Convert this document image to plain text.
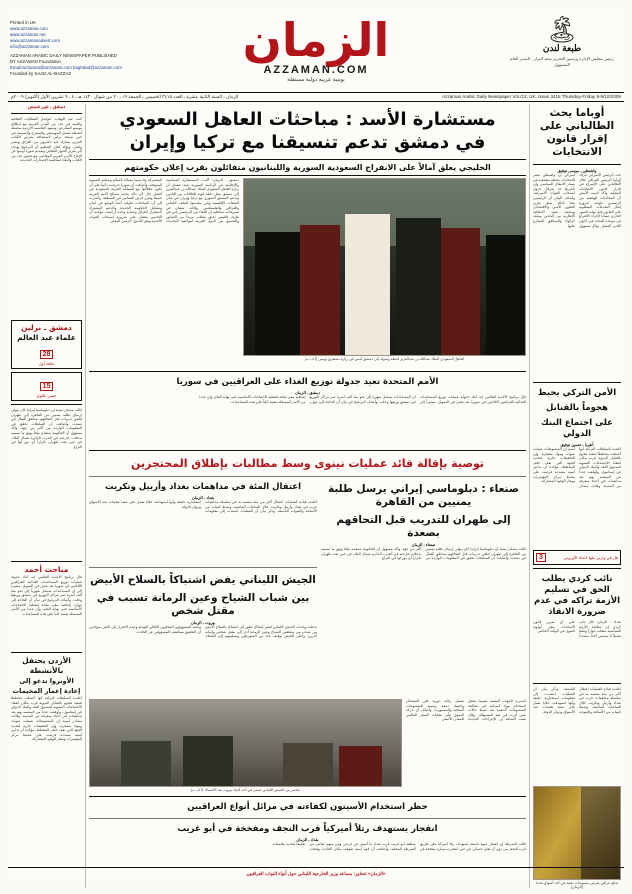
Printed in UK
www.azzaman.com
www.azzaman.net
www.azzamanadvert.com
info@azzaman.com
AZZAMAN ARABIC DAILY NEWSPAPER PUBLISHED
BY AZZAMAN Foundation
Email:azzaman@azzaman.com baghdad@azzaman.com
Founded by SAAD AL-BAZZAZ
الزمان
AZZAMAN.COM
يومية عربية دولية مستقلة
🏝
طبعة لندن
رئيس مجلس الإدارة ورئيس التحرير سعد البزاز ـ المدير العام المسؤول
Azzaman Arabic Daily Newspaper Vol./12, UK, Issue 3415 Thursday-Friday 8-9/10/2009
الزمان ـ السنة الثانية عشرة ـ العدد ٣٤١٥ الخميس ـ الجمعة ١٩ ـ ٢٠ من شوال ١٤٣٠ هـ ـ ٨ ـ ٩ تشرين الأول (أكتوبر) ٢٠٠٩م
أوباما يحث الطالباني على إقرار قانون الانتخابات
واشنطن ـ موسى توفيق
حث الرئيس الأميركي باراك أوباما الرئيس العراقي جلال الطالباني على الإسراع في إقرار قانون الانتخابات المقبلة، وأكد البيت الأبيض أن المحادثات الهاتفية بين الرئيسين تناولت ضرورة إنجاز التعديلات المطلوبة على القانون قبل نهاية الشهر الجاري ضماناً لإجراء الاقتراع في موعده المحدد في كانون الثاني المقبل. وقال مسؤول أميركي إن واشنطن تعتبر الانتخابات محطة مفصلية في مسار الانتقال السياسي وإن تأخيرها قد يعرقل جدول انسحاب القوات الأميركية. وأضاف البيان أن الرئيسين بحثا كذلك سبل تعزيز التعاون الأمني والاقتصادي ومتابعة تنفيذ الاتفاقية الإطارية بين البلدين وملف كركوك والمناطق المتنازع عليها.
الأمن التركي يحبط
هجوماً بالقنابل
على اجتماع البنك الدولي
أنقرة ـ حسين توفيق
أعلنت السلطات التركية أنها أحبطت مخططاً لتنفيذ هجوم بالقنابل اليدوية قرب مكان انعقاد الاجتماعات السنوية لصندوق النقد والبنك الدولي في إستانبول، وأوقفت عدداً من المشتبه بهم بعد مداهمات في أحياء متفرقة من المدينة. وقالت مصادر أمنية إن المضبوطات شملت عبوات ومواد متفجرة، وإن التحقيقات جارية لتحديد الجهة التي تقف خلف المخطط، مؤكدة أن تدابير أمنية مشددة فرضت على محيط مركز المؤتمرات ومقار الوفود المشاركة.
هل في وارين ملها لاتحاد الأوروبي
3
نائب كردي يطلب الحق في تسليم الأزمة تراكه في عدم ضرورة الانقاذ
بغداد ـ الزمان: قال نائب كردي إن معالجة الأزمة السياسية تتطلب حواراً وطنياً شاملاً لا يستثني أحداً، مشدداً على أن تمرير قانون الانتخابات يبقى أولوية قصوى في الوقت الحاضر.
أعلنت قيادة العمليات اعتقال أكثر من مئة مشتبه به في سلسلة مداهمات جرت في بغداد وأربيل وتكريت خلال الساعات الماضية، وضبط كميات من الأسلحة والعبوات الناسفة. وذكر بيان أن العمليات استندت إلى معلومات استخبارية دقيقة وأنها استهدفت خلايا تعمل على تنفيذ هجمات ضد الأسواق ودوائر الدولة.
صائغ عراقي يعرض مصنوعات ذهبية في أحد أسواق بغداد (الزمان)
مستشارة الأسد : مباحثات العاهل السعودي
في دمشق تدعم تنسيقنا مع تركيا وإيران
الخليجي يعلق آمالاً على الانفراج السعودية السورية واللبنانيون متفائلون بقرب إعلان حكومتهم
العاهل السعودي الملك عبدالله بن عبدالعزيز لحظة وصوله إلى دمشق أمس في زيارة تستغرق يومين (أ ف ب)
دمشق ـ الزمان: أكدت المستشارة السياسية والإعلامية في الرئاسة السورية بثينة شعبان أن زيارة العاهل السعودي الملك عبدالله بن عبدالعزيز إلى دمشق تمثل دفعة قوية للعلاقات بين البلدين وتدعم التنسيق السوري مع تركيا وإيران في شأن الملفات الإقليمية وفي مقدمتها الملف اللبناني والعراقي والفلسطيني. وقالت شعبان في تصريحات صحافية إن اللقاء بين الزعيمين يأتي في ظرف إقليمي دقيق يتطلب مزيداً من التشاور والتنسيق بين الدول العربية لمواجهة التحديات المشتركة ولا سيما مسألة السلام وعملية التسوية المتوقفة. وأضافت أن سوريا حرصت دائماً على أن تكون علاقاتها مع المملكة العربية السعودية في أفضل حال لأن ذلك يخدم مصالح الأمة العربية جميعاً ويعزز فرص التضامن في المنطقة. وأشارت إلى أن المباحثات تناولت أيضاً الوضع في لبنان وتشكيل الحكومة الجديدة والدعم المشترك لاستقرار العراق وحماية وحدة أراضيه، مؤكدة أن الجانبين يتفقان على ضرورة انسحاب القوات الأجنبية وفق الجدول الزمني المعلن.
الأمم المتحدة تعيد جدولة توزيع الغذاء على العراقيين في سوريا
دمشق ـ الزمان
قال برنامج الأغذية العالمي إنه أعاد جدولة عمليات توزيع المساعدات الغذائية للعراقيين اللاجئين في سوريا بعد نقص في التمويل، مشيراً إلى أن المساعدات ستصل شهرياً إلى نحو مئة ألف أسرة عبر مراكز التوزيع في دمشق وريفها وحلب. وأضاف البرنامج في بيان أن الحاجة إلى موارد إضافية تبقى ملحة لتغطية الاحتياجات الأساسية حتى نهاية العام، وأن عدداً من الأسر المسجلة يعتمد كلياً على هذه المساعدات.
توصية بإقالة قائد عمليات نينوى وسط مطالبات بإطلاق المحتجزين
صنعاء : دبلوماسي إيراني يرسل طلبة يمنيين من القاهرة
إلى طهران للتدريب قبل التحاقهم بصعدة
صنعاء ـ الزمان
قالت مصادر يمنية إن دبلوماسياً إيرانياً كان يتولى إرسال طلبة يمنيين من القاهرة إلى طهران لتلقي تدريبات قبل التحاقهم بمناطق القتال في صعدة، وأضافت أن السلطات تحقق في المعلومات الواردة من أكثر من جهة. وأكد مسؤول أن الحكومة ستقدم ملفاً يوثق ما تسميه تدخلات خارجية في الحرب الدائرة شمال البلاد، في حين نفت طهران تكراراً أي دور لها في النزاع.
اعتقال المئة في مداهمات بغداد وأربيل وتكريت
بغداد ـ الزمان
أعلنت قيادة العمليات اعتقال أكثر من مئة مشتبه به في سلسلة مداهمات جرت في بغداد وأربيل وتكريت خلال الساعات الماضية، وضبط كميات من الأسلحة والعبوات الناسفة. وذكر بيان أن العمليات استندت إلى معلومات استخبارية دقيقة وأنها استهدفت خلايا تعمل على تنفيذ هجمات ضد الأسواق ودوائر الدولة.
الجيش اللبناني يفض اشتباكاً بالسلاح الأبيض
بين شباب الشياح وعين الرمانة تسبب في مقتل شخص
بيروت ـ الزمان
تدخلت وحدات الجيش اللبناني لفض إشكال تطور إلى اشتباك بالسلاح الأبيض بين شباب من منطقتي الشياح وعين الرمانة أدى إلى مقتل شخص وإصابة آخرين، وأعلن الجيش توقيف عدد من المتورطين وتسليمهم إلى القضاء. وناشد المسؤولون المحليون الأهالي التهدئة وعدم الانجرار إلى الفتن، مؤكدين أن التحقيق سيكشف المسؤولين عن الحادث.
أصدرت الجهات المعنية تعميماً يحظر استخدام مواد كيميائية في معالجة المصنوعات الذهبية بعد ضبط حالات غش أثرت في ثقة المستهلك، وقال نقيب الصاغة إن الإجراءات الجديدة تشمل رقابة دورية على المشاغل واعتماد دمغة رسمية للمصنوعات المحلية والمستوردة. وأضاف أن حركة السوق تتأثر بتقلبات السعر العالمي للمعدن الأصفر.
عناصر من الجيش اللبناني تنتشر في أحد أحياء بيروت بعد الاشتباك (أ ف ب)
حظر استخدام الأسيتون لكفاءته في مزائل أنواع العراقيين
انفجار يستهدف رتلاً أميركياً قرب النجف ومفخخة في أبو غريب
بغداد ـ الزمان
قالت الشرطة إن انفجار عبوة ناسفة استهدف رتلاً أميركياً على طريق قرب النجف من دون أن تعلن خسائر، في حين انفجرت سيارة مفخخة في منطقة أبو غريب غرب بغداد ما أسفر عن جرحى ومن بينهم عناصر من الشرطة المحلية. وأضافت أن قوة أمنية طوقت مكان الحادث وفتحت تحقيقاً لتحديد ملابساته.
دمشق ـ عين شمس
كتب عبد الوهاب: تتواصل الفعاليات الثقافية والفنية في عدد من المدن العربية مع انطلاق موسم المعارض، وتشهد العاصمة الأردنية سلسلة أنشطة تشمل الموسيقى والمسرح والسينما، في حين تستعد برلين لاستضافة معرض للكتاب العربي يشارك فيه ناشرون من العراق ومصر ولبنان. وتؤكد لجان التنظيم أن البرنامج يهدف إلى تعزيز الحوار الثقافي وتقديم صورة أوسع عن الإنتاج الأدبي العربي المعاصر، مع حضور عدد من الكتاب والنقاد لمناقشة الإصدارات الجديدة.
دمشق ـ برلين
علماء عبد العالم
28
ثقافة أول
15
حسن علاوي
قالت مصادر يمنية إن دبلوماسياً إيرانياً كان يتولى إرسال طلبة يمنيين من القاهرة إلى طهران لتلقي تدريبات قبل التحاقهم بمناطق القتال في صعدة، وأضافت أن السلطات تحقق في المعلومات الواردة من أكثر من جهة. وأكد مسؤول أن الحكومة ستقدم ملفاً يوثق ما تسميه تدخلات خارجية في الحرب الدائرة شمال البلاد، في حين نفت طهران تكراراً أي دور لها في النزاع.
مباحث أحمد
قال برنامج الأغذية العالمي إنه أعاد جدولة عمليات توزيع المساعدات الغذائية للعراقيين اللاجئين في سوريا بعد نقص في التمويل، مشيراً إلى أن المساعدات ستصل شهرياً إلى نحو مئة ألف أسرة عبر مراكز التوزيع في دمشق وريفها وحلب. وأضاف البرنامج في بيان أن الحاجة إلى موارد إضافية تبقى ملحة لتغطية الاحتياجات الأساسية حتى نهاية العام، وأن عدداً من الأسر المسجلة يعتمد كلياً على هذه المساعدات.
الأردن يحتفل بالأنشطة
الأونروا تدعو إلى إعادة إعمار المخيمات
أعلنت السلطات التركية أنها أحبطت مخططاً لتنفيذ هجوم بالقنابل اليدوية قرب مكان انعقاد الاجتماعات السنوية لصندوق النقد والبنك الدولي في إستانبول، وأوقفت عدداً من المشتبه بهم بعد مداهمات في أحياء متفرقة من المدينة. وقالت مصادر أمنية إن المضبوطات شملت عبوات ومواد متفجرة، وإن التحقيقات جارية لتحديد الجهة التي تقف خلف المخطط، مؤكدة أن تدابير أمنية مشددة فرضت على محيط مركز المؤتمرات ومقار الوفود المشاركة.
«الزمان» تتحاور: مساعد وزير الخارجية اللبناني حول أنواء النواب العراقيين
